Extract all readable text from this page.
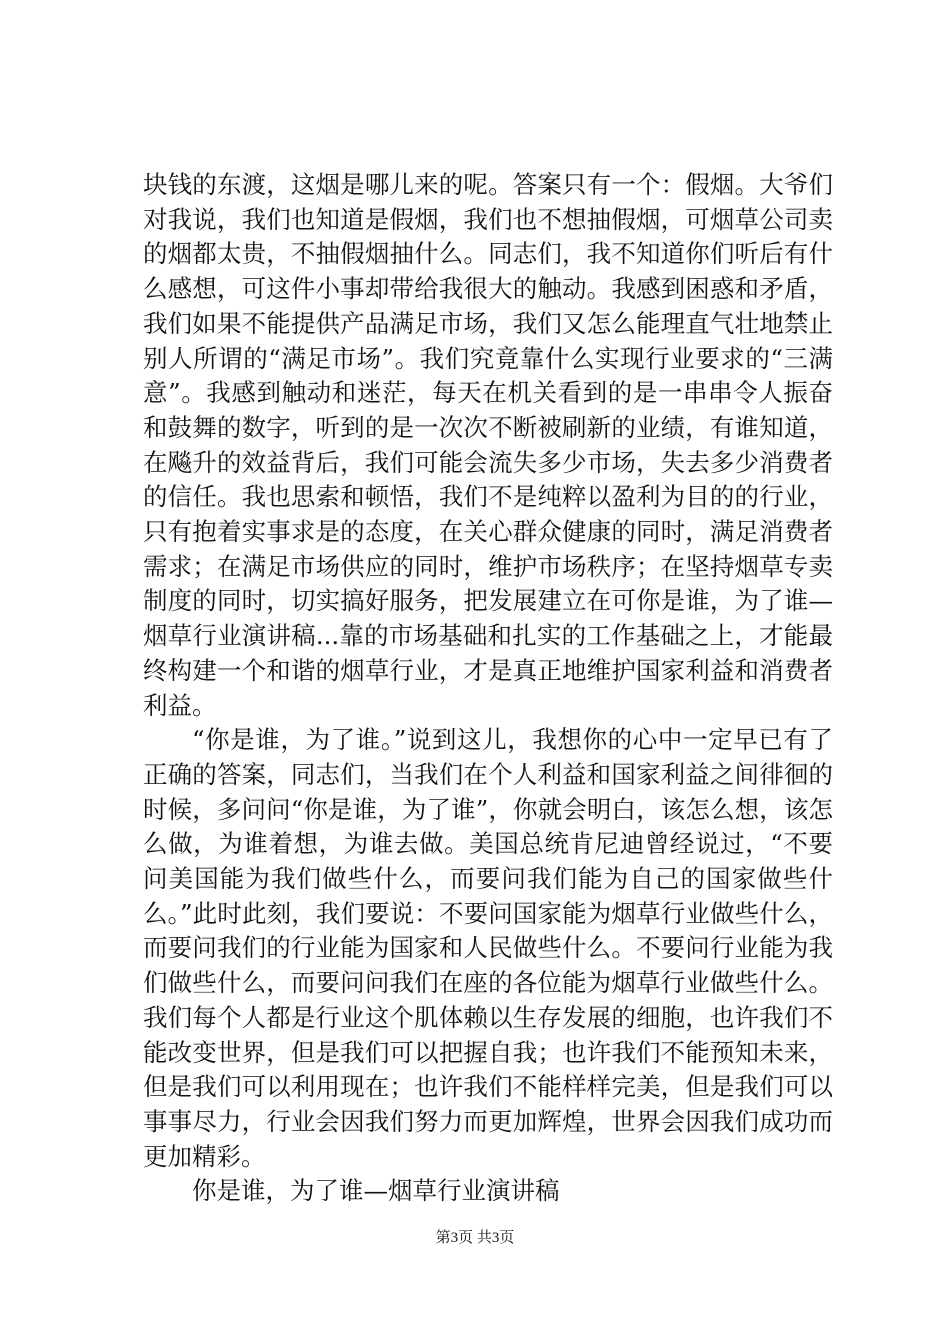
块钱的东渡，这烟是哪儿来的呢。答案只有一个：假烟。大爷们对我说，我们也知道是假烟，我们也不想抽假烟，可烟草公司卖的烟都太贵，不抽假烟抽什么。同志们，我不知道你们听后有什么感想，可这件小事却带给我很大的触动。我感到困惑和矛盾，我们如果不能提供产品满足市场，我们又怎么能理直气壮地禁止别人所谓的“满足市场”。我们究竟靠什么实现行业要求的“三满意”。我感到触动和迷茫，每天在机关看到的是一串串令人振奋和鼓舞的数字，听到的是一次次不断被刷新的业绩，有谁知道，在飚升的效益背后，我们可能会流失多少市场，失去多少消费者的信任。我也思索和顿悟，我们不是纯粹以盈利为目的的行业，只有抱着实事求是的态度，在关心群众健康的同时，满足消费者需求；在满足市场供应的同时，维护市场秩序；在坚持烟草专卖制度的同时，切实搞好服务，把发展建立在可你是谁，为了谁—烟草行业演讲稿...靠的市场基础和扎实的工作基础之上，才能最终构建一个和谐的烟草行业，才是真正地维护国家利益和消费者利益。

“你是谁，为了谁。”说到这儿，我想你的心中一定早已有了正确的答案，同志们，当我们在个人利益和国家利益之间徘徊的时候，多问问“你是谁，为了谁”，你就会明白，该怎么想，该怎么做，为谁着想，为谁去做。美国总统肯尼迪曾经说过，“不要问美国能为我们做些什么，而要问我们能为自己的国家做些什么。”此时此刻，我们要说：不要问国家能为烟草行业做些什么，而要问我们的行业能为国家和人民做些什么。不要问行业能为我们做些什么，而要问问我们在座的各位能为烟草行业做些什么。我们每个人都是行业这个肌体赖以生存发展的细胞，也许我们不能改变世界，但是我们可以把握自我；也许我们不能预知未来，但是我们可以利用现在；也许我们不能样样完美，但是我们可以事事尽力，行业会因我们努力而更加辉煌，世界会因我们成功而更加精彩。

你是谁，为了谁—烟草行业演讲稿

第3页 共3页
